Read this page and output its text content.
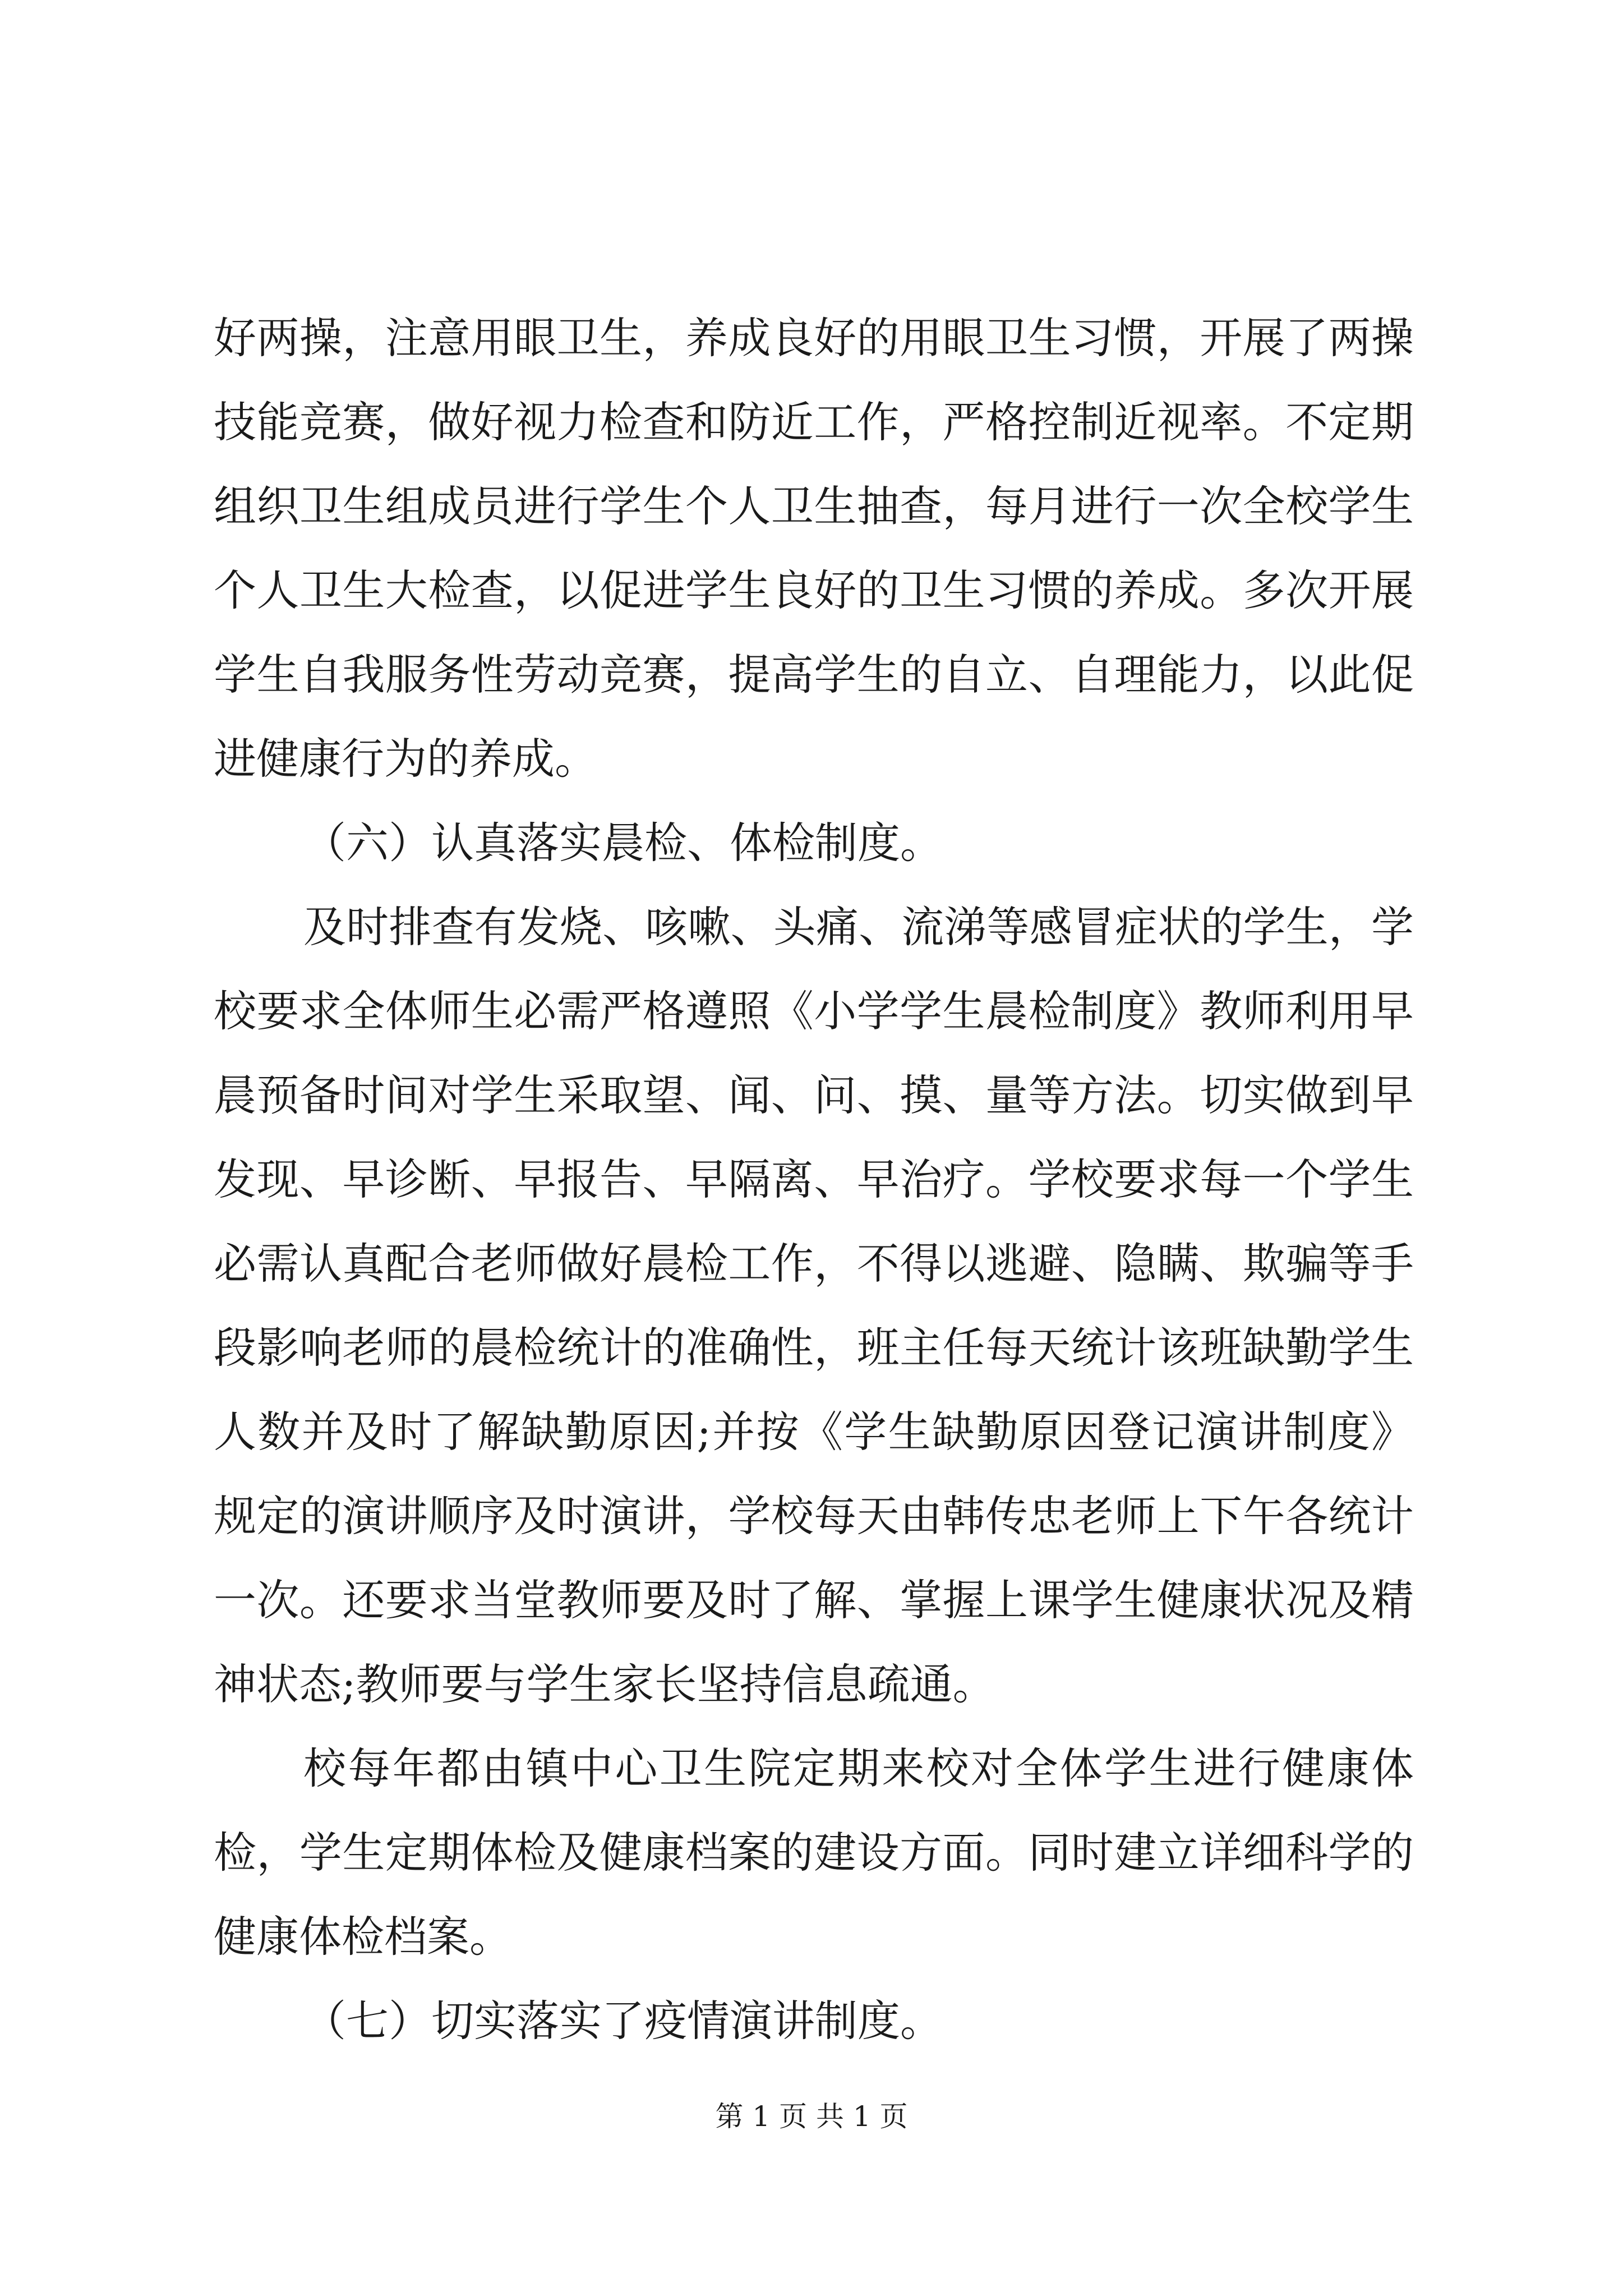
好两操，注意用眼卫生，养成良好的用眼卫生习惯，开展了两操
技能竞赛，做好视力检查和防近工作，严格控制近视率。不定期
组织卫生组成员进行学生个人卫生抽查，每月进行一次全校学生
个人卫生大检查，以促进学生良好的卫生习惯的养成。多次开展
学生自我服务性劳动竞赛，提高学生的自立、自理能力，以此促
进健康行为的养成。
（六）认真落实晨检、体检制度。
及时排查有发烧、咳嗽、头痛、流涕等感冒症状的学生，学
校要求全体师生必需严格遵照《小学学生晨检制度》教师利用早
晨预备时间对学生采取望、闻、问、摸、量等方法。切实做到早
发现、早诊断、早报告、早隔离、早治疗。学校要求每一个学生
必需认真配合老师做好晨检工作，不得以逃避、隐瞒、欺骗等手
段影响老师的晨检统计的准确性，班主任每天统计该班缺勤学生
人数并及时了解缺勤原因;并按《学生缺勤原因登记演讲制度》
规定的演讲顺序及时演讲，学校每天由韩传忠老师上下午各统计
一次。还要求当堂教师要及时了解、掌握上课学生健康状况及精
神状态;教师要与学生家长坚持信息疏通。
校每年都由镇中心卫生院定期来校对全体学生进行健康体
检，学生定期体检及健康档案的建设方面。同时建立详细科学的
健康体检档案。
（七）切实落实了疫情演讲制度。
第 1 页 共 1 页
